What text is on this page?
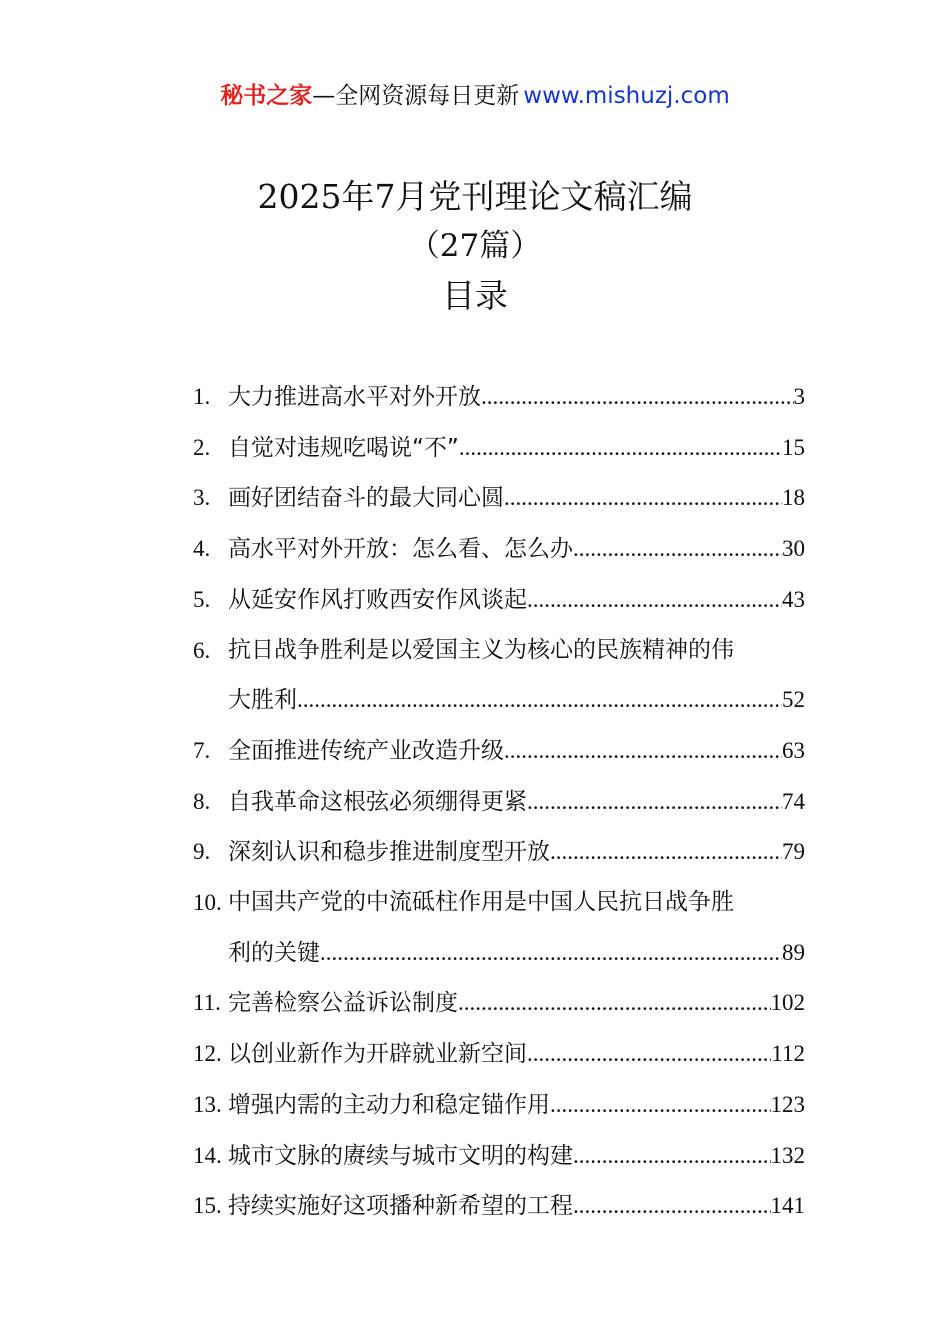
秘书之家—全网资源每日更新 www.mishuzj.com
2025年7月党刊理论文稿汇编
（27篇）
目录
1. 大力推进高水平对外开放 .....	3
2. 自觉对违规吃喝说“不” .....	15
3. 画好团结奋斗的最大同心圆 .....	18
4. 高水平对外开放：怎么看、怎么办 .....	30
5. 从延安作风打败西安作风谈起 .....	43
6. 抗日战争胜利是以爱国主义为核心的民族精神的伟
大胜利 .....	52
7. 全面推进传统产业改造升级 .....	63
8. 自我革命这根弦必须绷得更紧 .....	74
9. 深刻认识和稳步推进制度型开放 .....	79
10. 中国共产党的中流砥柱作用是中国人民抗日战争胜
利的关键 .....	89
11. 完善检察公益诉讼制度 .....	102
12. 以创业新作为开辟就业新空间 .....	112
13. 增强内需的主动力和稳定锚作用 .....	123
14. 城市文脉的赓续与城市文明的构建 .....	132
15. 持续实施好这项播种新希望的工程 .....	141
